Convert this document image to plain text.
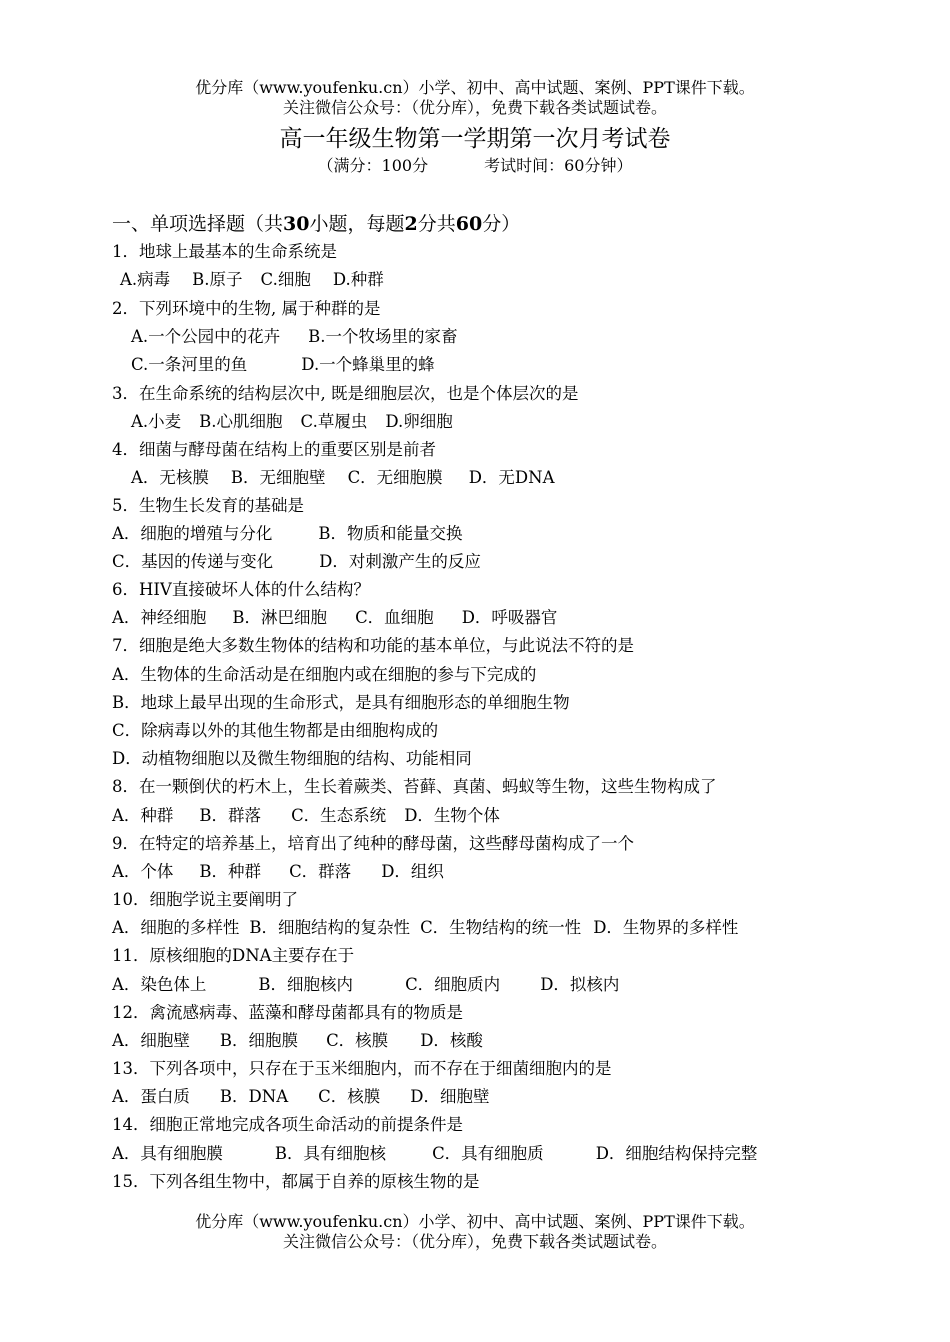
优分库（www.youfenku.cn）小学、初中、高中试题、案例、PPT课件下载。
关注微信公众号：（优分库），免费下载各类试题试卷。
高一年级生物第一学期第一次月考试卷
（满分：100分	考试时间：60分钟）
一、单项选择题（共30小题，每题2分共60分）
1．地球上最基本的生命系统是
A.病毒 B.原子 C.细胞 D.种群
2．下列环境中的生物, 属于种群的是
A.一个公园中的花卉 B.一个牧场里的家畜
C.一条河里的鱼	D.一个蜂巢里的蜂
3．在生命系统的结构层次中, 既是细胞层次，也是个体层次的是
A.小麦 B.心肌细胞 C.草履虫 D.卵细胞
4．细菌与酵母菌在结构上的重要区别是前者
A．无核膜 B．无细胞壁 C．无细胞膜 D．无DNA
5．生物生长发育的基础是
A．细胞的增殖与分化	B．物质和能量交换
C．基因的传递与变化	D．对刺激产生的反应
6．HIV直接破坏人体的什么结构？
A．神经细胞 B．淋巴细胞 C．血细胞 D．呼吸器官
7．细胞是绝大多数生物体的结构和功能的基本单位，与此说法不符的是
A．生物体的生命活动是在细胞内或在细胞的参与下完成的
B．地球上最早出现的生命形式，是具有细胞形态的单细胞生物
C．除病毒以外的其他生物都是由细胞构成的
D．动植物细胞以及微生物细胞的结构、功能相同
8．在一颗倒伏的朽木上，生长着蕨类、苔藓、真菌、蚂蚁等生物，这些生物构成了
A．种群 B．群落 C．生态系统 D．生物个体
9．在特定的培养基上，培育出了纯种的酵母菌，这些酵母菌构成了一个
A．个体 B．种群 C．群落 D．组织
10．细胞学说主要阐明了
A．细胞的多样性 B．细胞结构的复杂性 C．生物结构的统一性 D．生物界的多样性
11．原核细胞的DNA主要存在于
A．染色体上	B．细胞核内	C．细胞质内 D．拟核内
12．禽流感病毒、蓝藻和酵母菌都具有的物质是
A．细胞壁 B．细胞膜 C．核膜 D．核酸
13．下列各项中，只存在于玉米细胞内，而不存在于细菌细胞内的是
A．蛋白质 B．DNA C．核膜 D．细胞壁
14．细胞正常地完成各项生命活动的前提条件是
A．具有细胞膜	B．具有细胞核	C．具有细胞质	D．细胞结构保持完整
15．下列各组生物中，都属于自养的原核生物的是
优分库（www.youfenku.cn）小学、初中、高中试题、案例、PPT课件下载。
关注微信公众号：（优分库），免费下载各类试题试卷。
